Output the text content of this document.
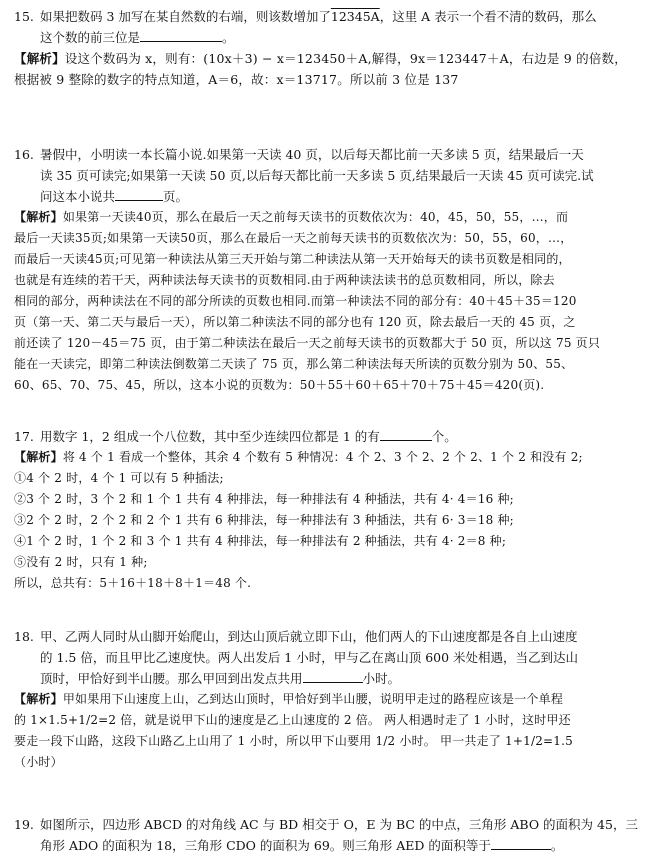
15. 如果把数码 3 加写在某自然数的右端，则该数增加了12345A，这里 A 表示一个看不清的数码，那么
这个数的前三位是	。
【解析】设这个数码为 x，则有：(10x＋3) − x＝123450＋A,解得，9x＝123447＋A，右边是 9 的倍数，
根据被 9 整除的数字的特点知道，A＝6，故：x＝13717。所以前 3 位是 137
16. 暑假中，小明读一本长篇小说.如果第一天读 40 页，以后每天都比前一天多读 5 页，结果最后一天
读 35 页可读完;如果第一天读 50 页,以后每天都比前一天多读 5 页,结果最后一天读 45 页可读完.试
问这本小说共	页。
【解析】如果第一天读40页，那么在最后一天之前每天读书的页数依次为：40，45，50，55，…，而
最后一天读35页;如果第一天读50页，那么在最后一天之前每天读书的页数依次为：50，55，60，…，
而最后一天读45页;可见第一种读法从第三天开始与第二种读法从第一天开始每天的读书页数是相同的，
也就是有连续的若干天，两种读法每天读书的页数相同.由于两种读法读书的总页数相同，所以，除去
相同的部分，两种读法在不同的部分所读的页数也相同.而第一种读法不同的部分有：40＋45＋35＝120
页（第一天、第二天与最后一天），所以第二种读法不同的部分也有 120 页，除去最后一天的 45 页，之
前还读了 120－45＝75 页，由于第二种读法在最后一天之前每天读书的页数都大于 50 页，所以这 75 页只
能在一天读完，即第二种读法倒数第二天读了 75 页，那么第二种读法每天所读的页数分别为 50、55、
60、65、70、75、45，所以，这本小说的页数为：50＋55＋60＋65＋70＋75＋45＝420(页).
17. 用数字 1，2 组成一个八位数，其中至少连续四位都是 1 的有	个。
【解析】将 4 个 1 看成一个整体，其余 4 个数有 5 种情况：4 个 2、3 个 2、2 个 2、1 个 2 和没有 2;
①4 个 2 时，4 个 1 可以有 5 种插法;
②3 个 2 时，3 个 2 和 1 个 1 共有 4 种排法，每一种排法有 4 种插法，共有 4· 4＝16 种;
③2 个 2 时，2 个 2 和 2 个 1 共有 6 种排法，每一种排法有 3 种插法，共有 6· 3＝18 种;
④1 个 2 时，1 个 2 和 3 个 1 共有 4 种排法，每一种排法有 2 种插法，共有 4· 2＝8 种;
⑤没有 2 时，只有 1 种;
所以，总共有：5＋16＋18＋8＋1＝48 个.
18. 甲、乙两人同时从山脚开始爬山，到达山顶后就立即下山，他们两人的下山速度都是各自上山速度
的 1.5 倍，而且甲比乙速度快。两人出发后 1 小时，甲与乙在离山顶 600 米处相遇，当乙到达山
顶时，甲恰好到半山腰。那么甲回到出发点共用	小时。
【解析】甲如果用下山速度上山，乙到达山顶时，甲恰好到半山腰，说明甲走过的路程应该是一个单程
的 1×1.5+1/2=2 倍，就是说甲下山的速度是乙上山速度的 2 倍。 两人相遇时走了 1 小时，这时甲还
要走一段下山路，这段下山路乙上山用了 1 小时，所以甲下山要用 1/2 小时。 甲一共走了 1+1/2=1.5
（小时）
19. 如图所示，四边形 ABCD 的对角线 AC 与 BD 相交于 O，E 为 BC 的中点，三角形 ABO 的面积为 45，三
角形 ADO 的面积为 18，三角形 CDO 的面积为 69。则三角形 AED 的面积等于	。
